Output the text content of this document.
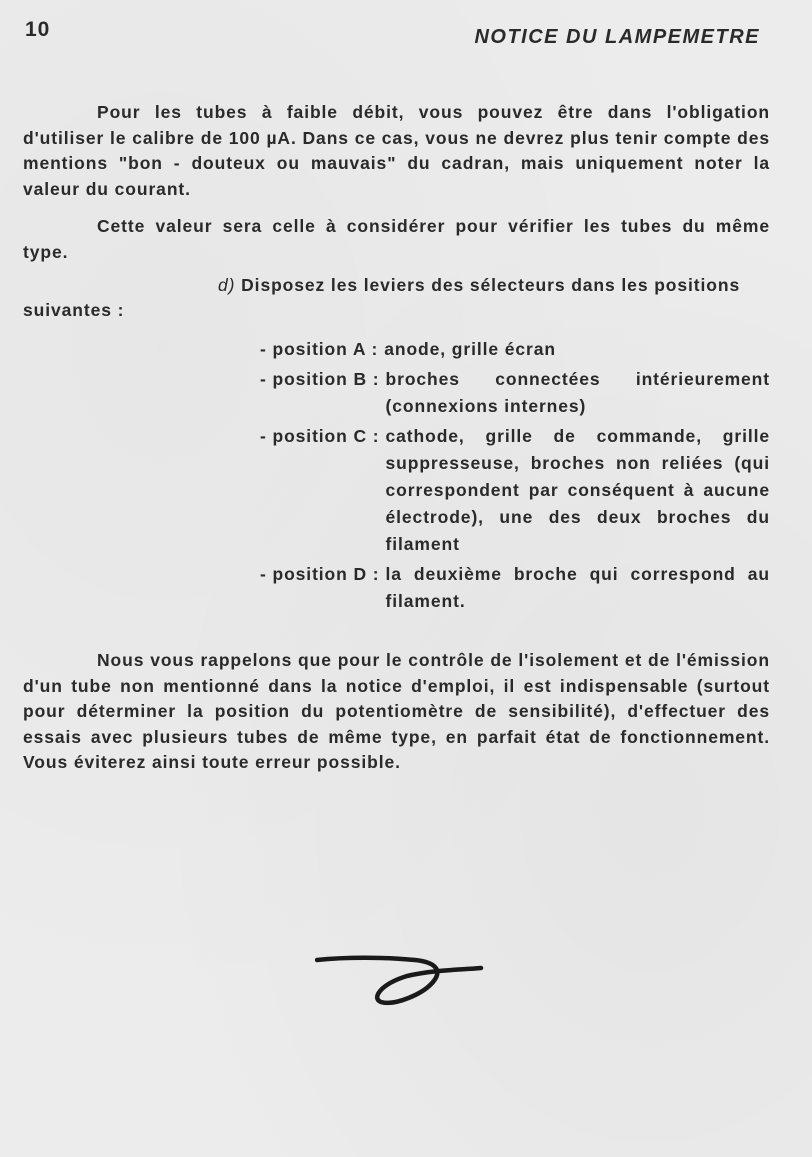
10	NOTICE DU LAMPEMETRE
Pour les tubes à faible débit, vous pouvez être dans l'obligation d'utiliser le calibre de 100 µA. Dans ce cas, vous ne devrez plus tenir compte des mentions "bon - douteux ou mauvais" du cadran, mais uniquement noter la valeur du courant.
Cette valeur sera celle à considérer pour vérifier les tubes du même type.
d) Disposez les leviers des sélecteurs dans les positions
suivantes :
- position A : anode, grille écran
- position B : broches connectées intérieurement (connexions internes)
- position C : cathode, grille de commande, grille suppresseuse, broches non reliées (qui correspondent par conséquent à aucune électrode), une des deux broches du filament
- position D : la deuxième broche qui correspond au filament.
Nous vous rappelons que pour le contrôle de l'isolement et de l'émission d'un tube non mentionné dans la notice d'emploi, il est indispensable (surtout pour déterminer la position du potentiomètre de sensibilité), d'effectuer des essais avec plusieurs tubes de même type, en parfait état de fonctionnement. Vous éviterez ainsi toute erreur possible.
